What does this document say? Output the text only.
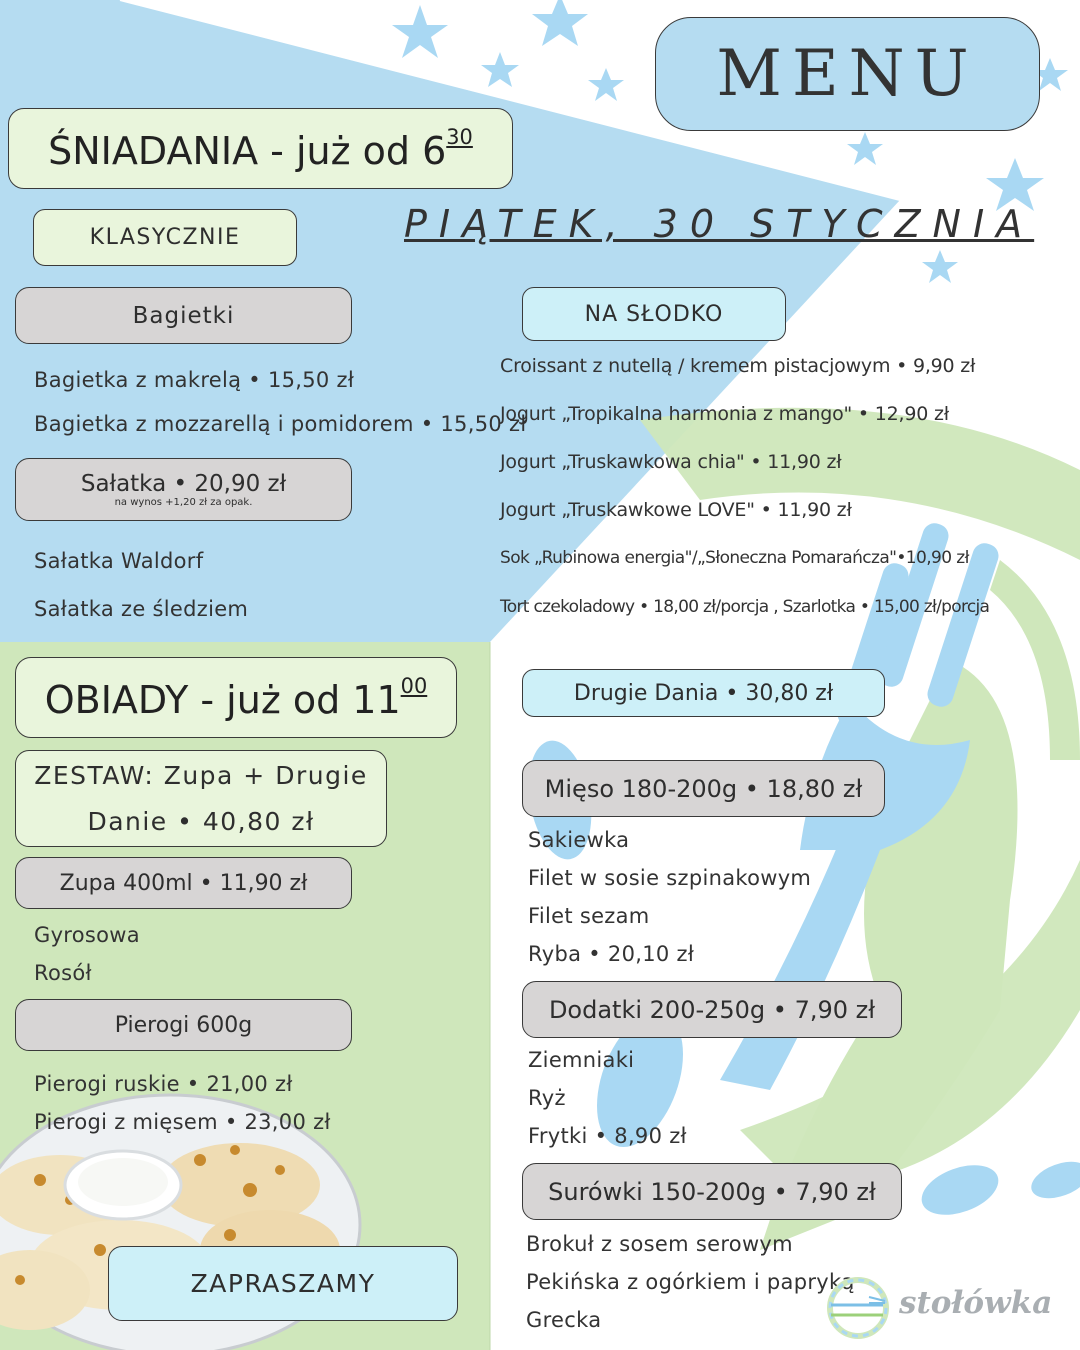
MENU
PIĄTEK, 30 STYCZNIA
ŚNIADANIA - już od $6^{30}$
KLASYCZNIE
Bagietki
Bagietka z makrelą • 15,50 zł
Bagietka z mozzarellą i pomidorem • 15,50 zł
Sałatka • 20,90 zł
na wynos +1,20 zł za opak.
Sałatka Waldorf
Sałatka ze śledziem
NA SŁODKO
Croissant z nutellą / kremem pistacjowym • 9,90 zł
Jogurt „Tropikalna harmonia z mango" • 12,90 zł
Jogurt „Truskawkowa chia" • 11,90 zł
Jogurt „Truskawkowe LOVE" • 11,90 zł
Sok „Rubinowa energia"/„Słoneczna Pomarańcza"•10,90 zł
Tort czekoladowy • 18,00 zł/porcja , Szarlotka • 15,00 zł/porcja
OBIADY - już od $11^{00}$
ZESTAW: Zupa + Drugie
Danie • 40,80 zł
Zupa 400ml • 11,90 zł
Gyrosowa
Rosół
Pierogi 600g
Pierogi ruskie • 21,00 zł
Pierogi z mięsem • 23,00 zł
ZAPRASZAMY
Drugie Dania • 30,80 zł
Mięso 180-200g • 18,80 zł
Sakiewka
Filet w sosie szpinakowym
Filet sezam
Ryba • 20,10 zł
Dodatki 200-250g • 7,90 zł
Ziemniaki
Ryż
Frytki • 8,90 zł
Surówki 150-200g • 7,90 zł
Brokuł z sosem serowym
Pekińska z ogórkiem i papryką
Grecka	stołówka
